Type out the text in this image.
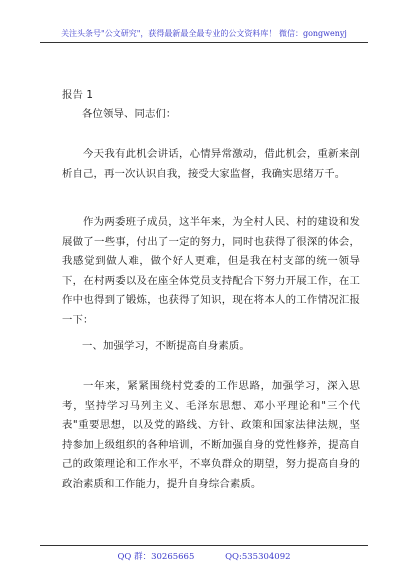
关注头条号"公文研究"，获得最新最全最专业的公文资料库！ 微信：gongwenyj
报告 1
各位领导、同志们：
今天我有此机会讲话，心情异常激动，借此机会，重新来剖析自己，再一次认识自我，接受大家监督，我确实思绪万千。
作为两委班子成员，这半年来，为全村人民、村的建设和发展做了一些事，付出了一定的努力，同时也获得了很深的体会，我感觉到做人难，做个好人更难，但是我在村支部的统一领导下，在村两委以及在座全体党员支持配合下努力开展工作，在工作中也得到了锻炼，也获得了知识，现在将本人的工作情况汇报一下：
一、加强学习，不断提高自身素质。
一年来，紧紧围绕村党委的工作思路，加强学习，深入思考，坚持学习马列主义、毛泽东思想、邓小平理论和"三个代表"重要思想，以及党的路线、方针、政策和国家法律法规，坚持参加上级组织的各种培训，不断加强自身的党性修养，提高自己的政策理论和工作水平，不辜负群众的期望，努力提高自身的政治素质和工作能力，提升自身综合素质。
QQ 群：30265665	QQ:535304092
